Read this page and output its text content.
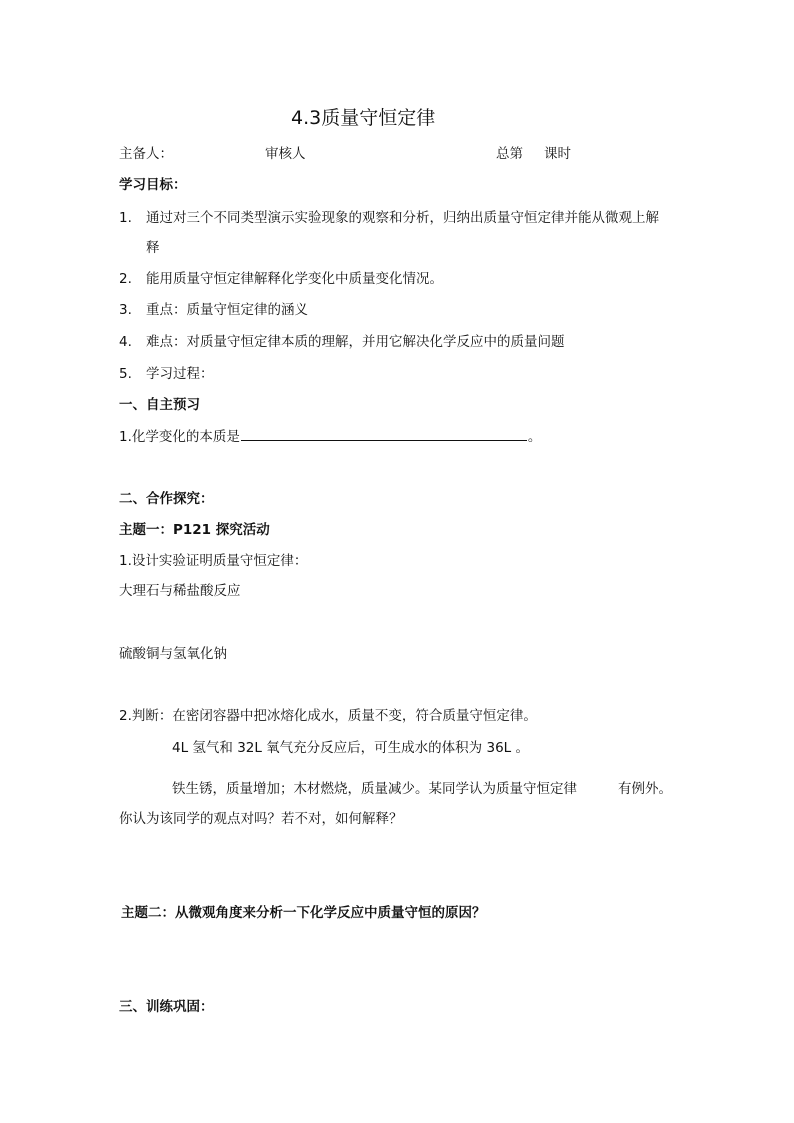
4.3质量守恒定律
主备人：	审核人	总第 课时
学习目标：
1. 通过对三个不同类型演示实验现象的观察和分析，归纳出质量守恒定律并能从微观上解
释
2. 能用质量守恒定律解释化学变化中质量变化情况。
3. 重点：质量守恒定律的涵义
4. 难点：对质量守恒定律本质的理解，并用它解决化学反应中的质量问题
5. 学习过程：
一、自主预习
1.化学变化的本质是	。
二、合作探究：
主题一：P121 探究活动
1.设计实验证明质量守恒定律：
大理石与稀盐酸反应
硫酸铜与氢氧化钠
2.判断：在密闭容器中把冰熔化成水，质量不变，符合质量守恒定律。
4L 氢气和 32L 氧气充分反应后，可生成水的体积为 36L 。
铁生锈，质量增加；木材燃烧，质量减少。某同学认为质量守恒定律	有例外。
你认为该同学的观点对吗？若不对，如何解释？
主题二：从微观角度来分析一下化学反应中质量守恒的原因？
三、训练巩固：
